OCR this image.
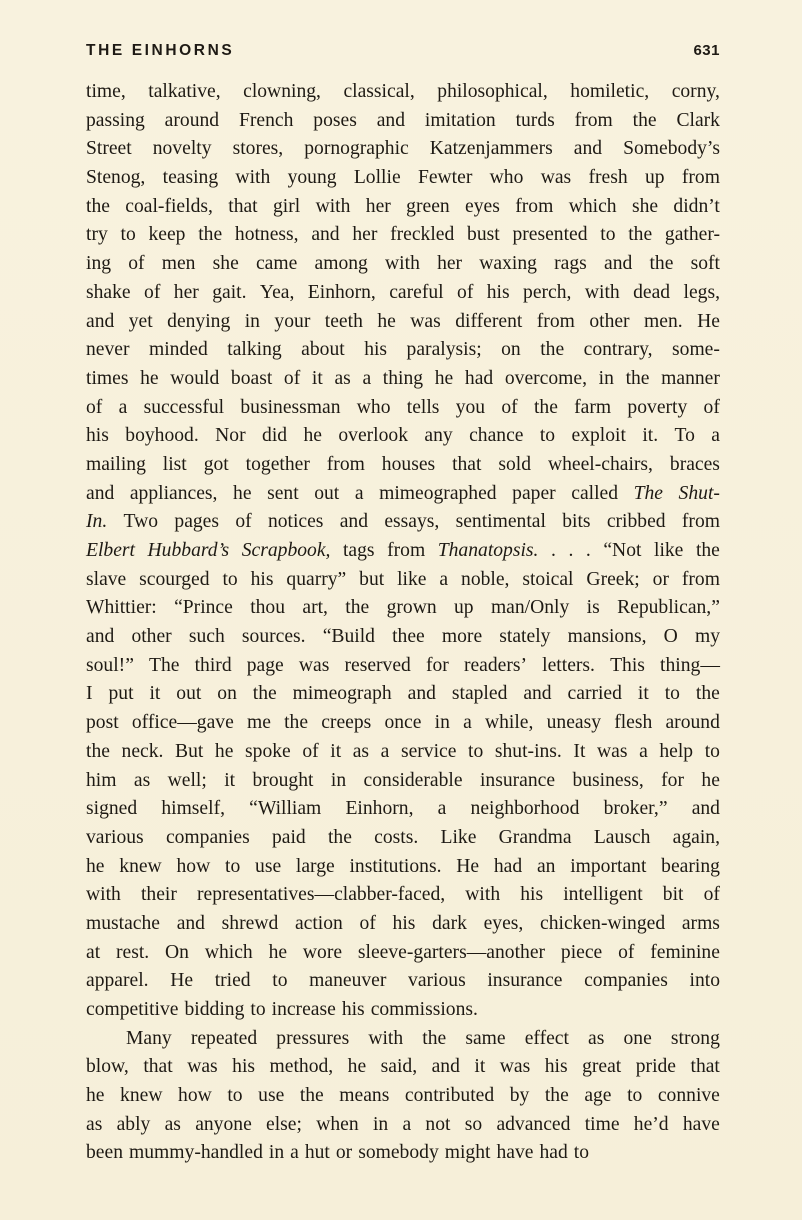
THE EINHORNS	631
time, talkative, clowning, classical, philosophical, homiletic, corny,
passing around French poses and imitation turds from the Clark
Street novelty stores, pornographic Katzenjammers and Somebody’s
Stenog, teasing with young Lollie Fewter who was fresh up from
the coal-fields, that girl with her green eyes from which she didn’t
try to keep the hotness, and her freckled bust presented to the gather-
ing of men she came among with her waxing rags and the soft
shake of her gait. Yea, Einhorn, careful of his perch, with dead legs,
and yet denying in your teeth he was different from other men. He
never minded talking about his paralysis; on the contrary, some-
times he would boast of it as a thing he had overcome, in the manner
of a successful businessman who tells you of the farm poverty of
his boyhood. Nor did he overlook any chance to exploit it. To a
mailing list got together from houses that sold wheel-chairs, braces
and appliances, he sent out a mimeographed paper called The Shut-
In. Two pages of notices and essays, sentimental bits cribbed from
Elbert Hubbard’s Scrapbook, tags from Thanatopsis. . . . “Not like the
slave scourged to his quarry” but like a noble, stoical Greek; or from
Whittier: “Prince thou art, the grown up man/Only is Republican,”
and other such sources. “Build thee more stately mansions, O my
soul!” The third page was reserved for readers’ letters. This thing—
I put it out on the mimeograph and stapled and carried it to the
post office—gave me the creeps once in a while, uneasy flesh around
the neck. But he spoke of it as a service to shut-ins. It was a help to
him as well; it brought in considerable insurance business, for he
signed himself, “William Einhorn, a neighborhood broker,” and
various companies paid the costs. Like Grandma Lausch again,
he knew how to use large institutions. He had an important bearing
with their representatives—clabber-faced, with his intelligent bit of
mustache and shrewd action of his dark eyes, chicken-winged arms
at rest. On which he wore sleeve-garters—another piece of feminine
apparel. He tried to maneuver various insurance companies into
competitive bidding to increase his commissions.
Many repeated pressures with the same effect as one strong
blow, that was his method, he said, and it was his great pride that
he knew how to use the means contributed by the age to connive
as ably as anyone else; when in a not so advanced time he’d have
been mummy-handled in a hut or somebody might have had to
